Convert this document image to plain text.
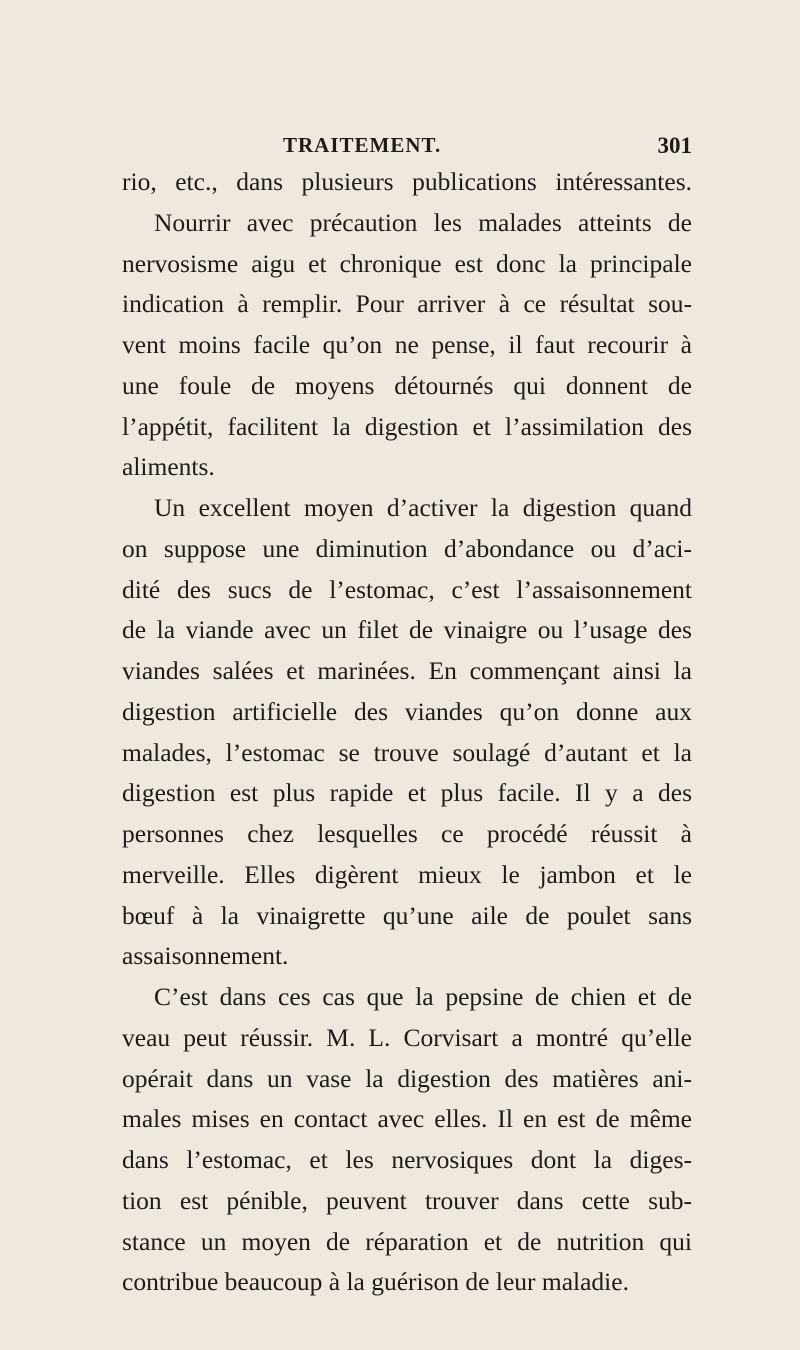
TRAITEMENT.	301
rio, etc., dans plusieurs publications intéressantes.
Nourrir avec précaution les malades atteints de
nervosisme aigu et chronique est donc la principale
indication à remplir. Pour arriver à ce résultat sou-
vent moins facile qu’on ne pense, il faut recourir à
une foule de moyens détournés qui donnent de
l’appétit, facilitent la digestion et l’assimilation des
aliments.
Un excellent moyen d’activer la digestion quand
on suppose une diminution d’abondance ou d’aci-
dité des sucs de l’estomac, c’est l’assaisonnement
de la viande avec un filet de vinaigre ou l’usage des
viandes salées et marinées. En commençant ainsi la
digestion artificielle des viandes qu’on donne aux
malades, l’estomac se trouve soulagé d’autant et la
digestion est plus rapide et plus facile. Il y a des
personnes chez lesquelles ce procédé réussit à
merveille. Elles digèrent mieux le jambon et le
bœuf à la vinaigrette qu’une aile de poulet sans
assaisonnement.
C’est dans ces cas que la pepsine de chien et de
veau peut réussir. M. L. Corvisart a montré qu’elle
opérait dans un vase la digestion des matières ani-
males mises en contact avec elles. Il en est de même
dans l’estomac, et les nervosiques dont la diges-
tion est pénible, peuvent trouver dans cette sub-
stance un moyen de réparation et de nutrition qui
contribue beaucoup à la guérison de leur maladie.
